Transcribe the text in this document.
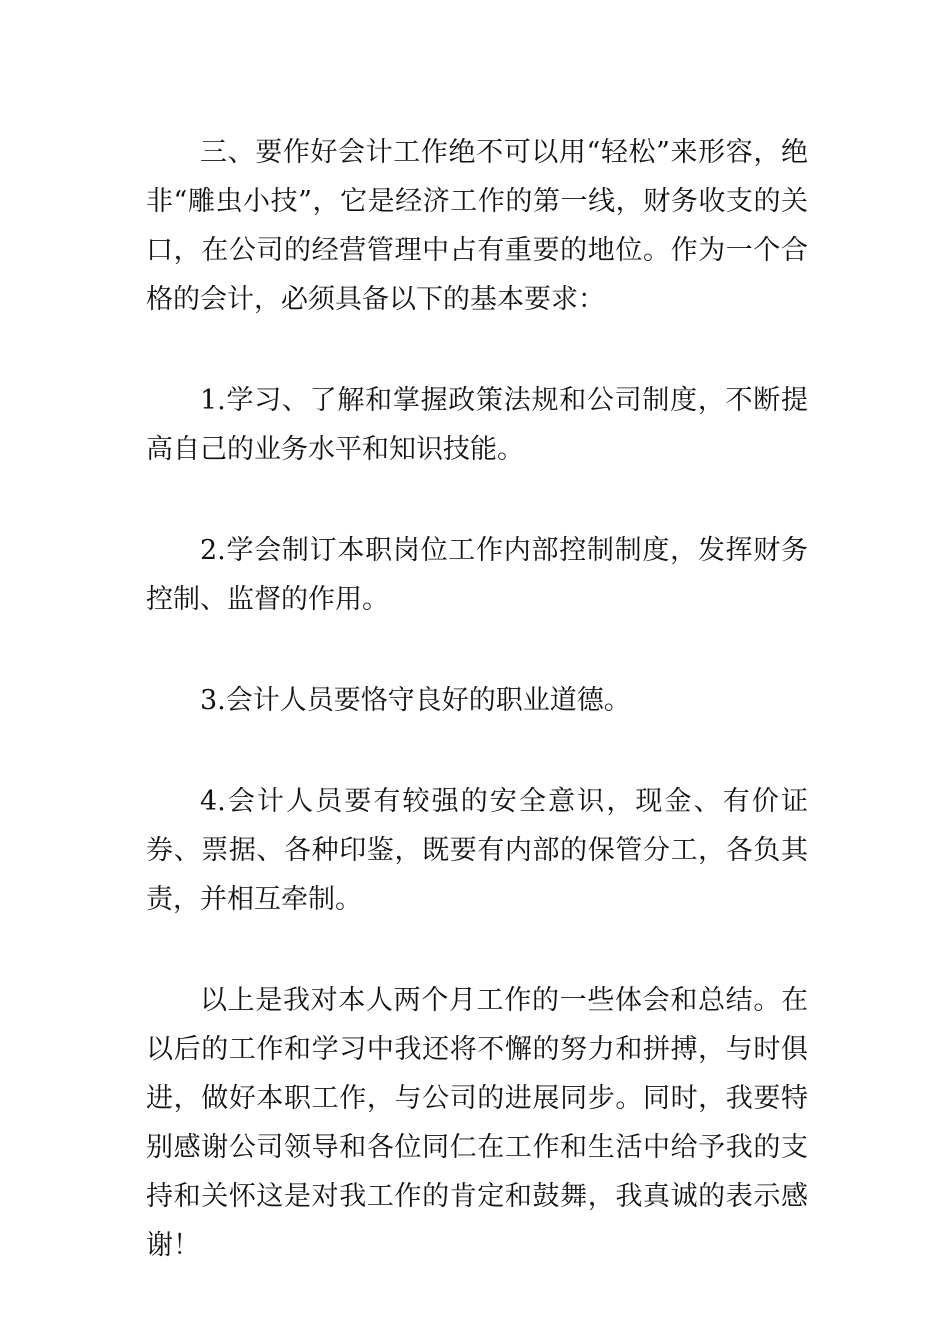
三、要作好会计工作绝不可以用“轻松”来形容，绝非“雕虫小技”，它是经济工作的第一线，财务收支的关口，在公司的经营管理中占有重要的地位。作为一个合格的会计，必须具备以下的基本要求：

1.学习、了解和掌握政策法规和公司制度，不断提高自己的业务水平和知识技能。

2.学会制订本职岗位工作内部控制制度，发挥财务控制、监督的作用。

3.会计人员要恪守良好的职业道德。

4.会计人员要有较强的安全意识，现金、有价证券、票据、各种印鉴，既要有内部的保管分工，各负其责，并相互牵制。

以上是我对本人两个月工作的一些体会和总结。在以后的工作和学习中我还将不懈的努力和拼搏，与时俱进，做好本职工作，与公司的进展同步。同时，我要特别感谢公司领导和各位同仁在工作和生活中给予我的支持和关怀这是对我工作的肯定和鼓舞，我真诚的表示感谢！
